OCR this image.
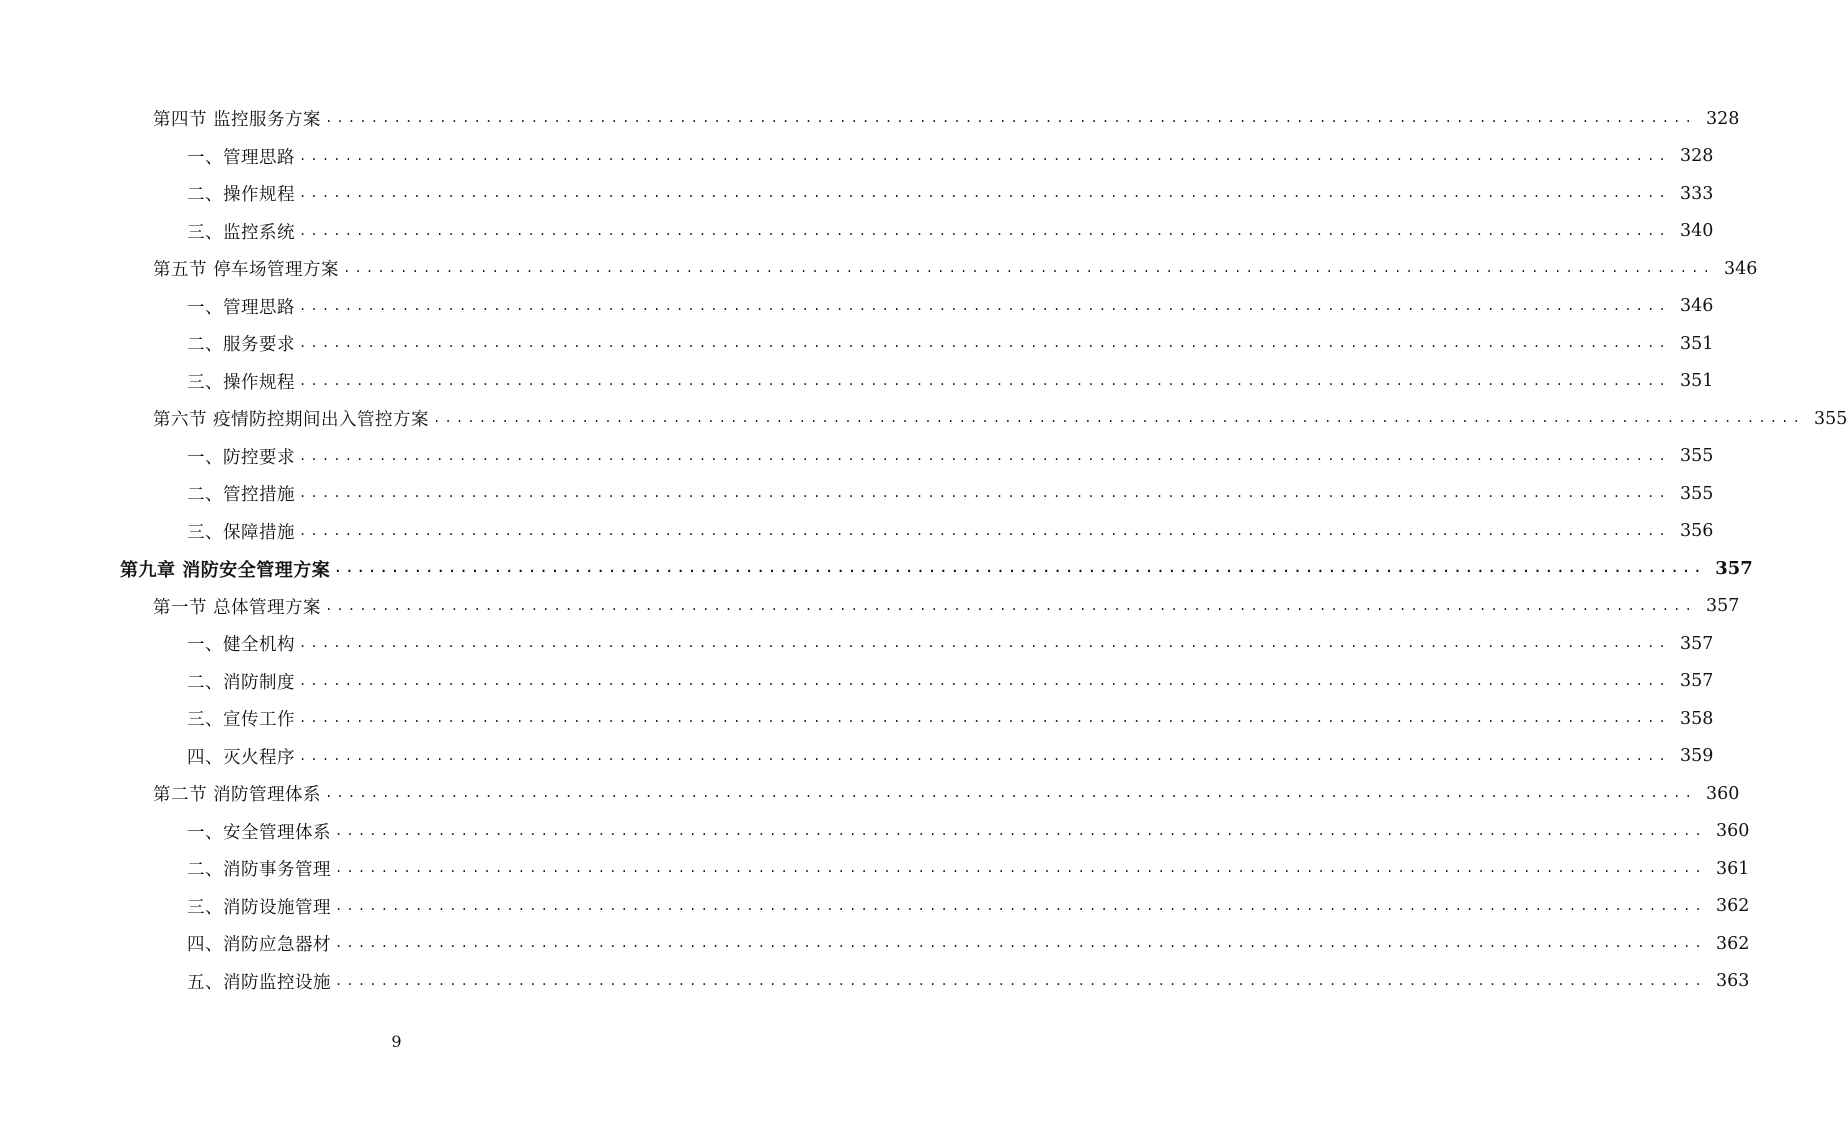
第四节 监控服务方案 ........................................................................................................................ 328
一、管理思路 ........................................................................................................................ 328
二、操作规程 ........................................................................................................................ 333
三、监控系统 ........................................................................................................................ 340
第五节 停车场管理方案 ........................................................................................................................ 346
一、管理思路 ........................................................................................................................ 346
二、服务要求 ........................................................................................................................ 351
三、操作规程 ........................................................................................................................ 351
第六节 疫情防控期间出入管控方案 ........................................................................................................................ 355
一、防控要求 ........................................................................................................................ 355
二、管控措施 ........................................................................................................................ 355
三、保障措施 ........................................................................................................................ 356
第九章 消防安全管理方案 ........................................................................................................................ 357
第一节 总体管理方案 ........................................................................................................................ 357
一、健全机构 ........................................................................................................................ 357
二、消防制度 ........................................................................................................................ 357
三、宣传工作 ........................................................................................................................ 358
四、灭火程序 ........................................................................................................................ 359
第二节 消防管理体系 ........................................................................................................................ 360
一、安全管理体系 ........................................................................................................................ 360
二、消防事务管理 ........................................................................................................................ 361
三、消防设施管理 ........................................................................................................................ 362
四、消防应急器材 ........................................................................................................................ 362
五、消防监控设施 ........................................................................................................................ 363
9
